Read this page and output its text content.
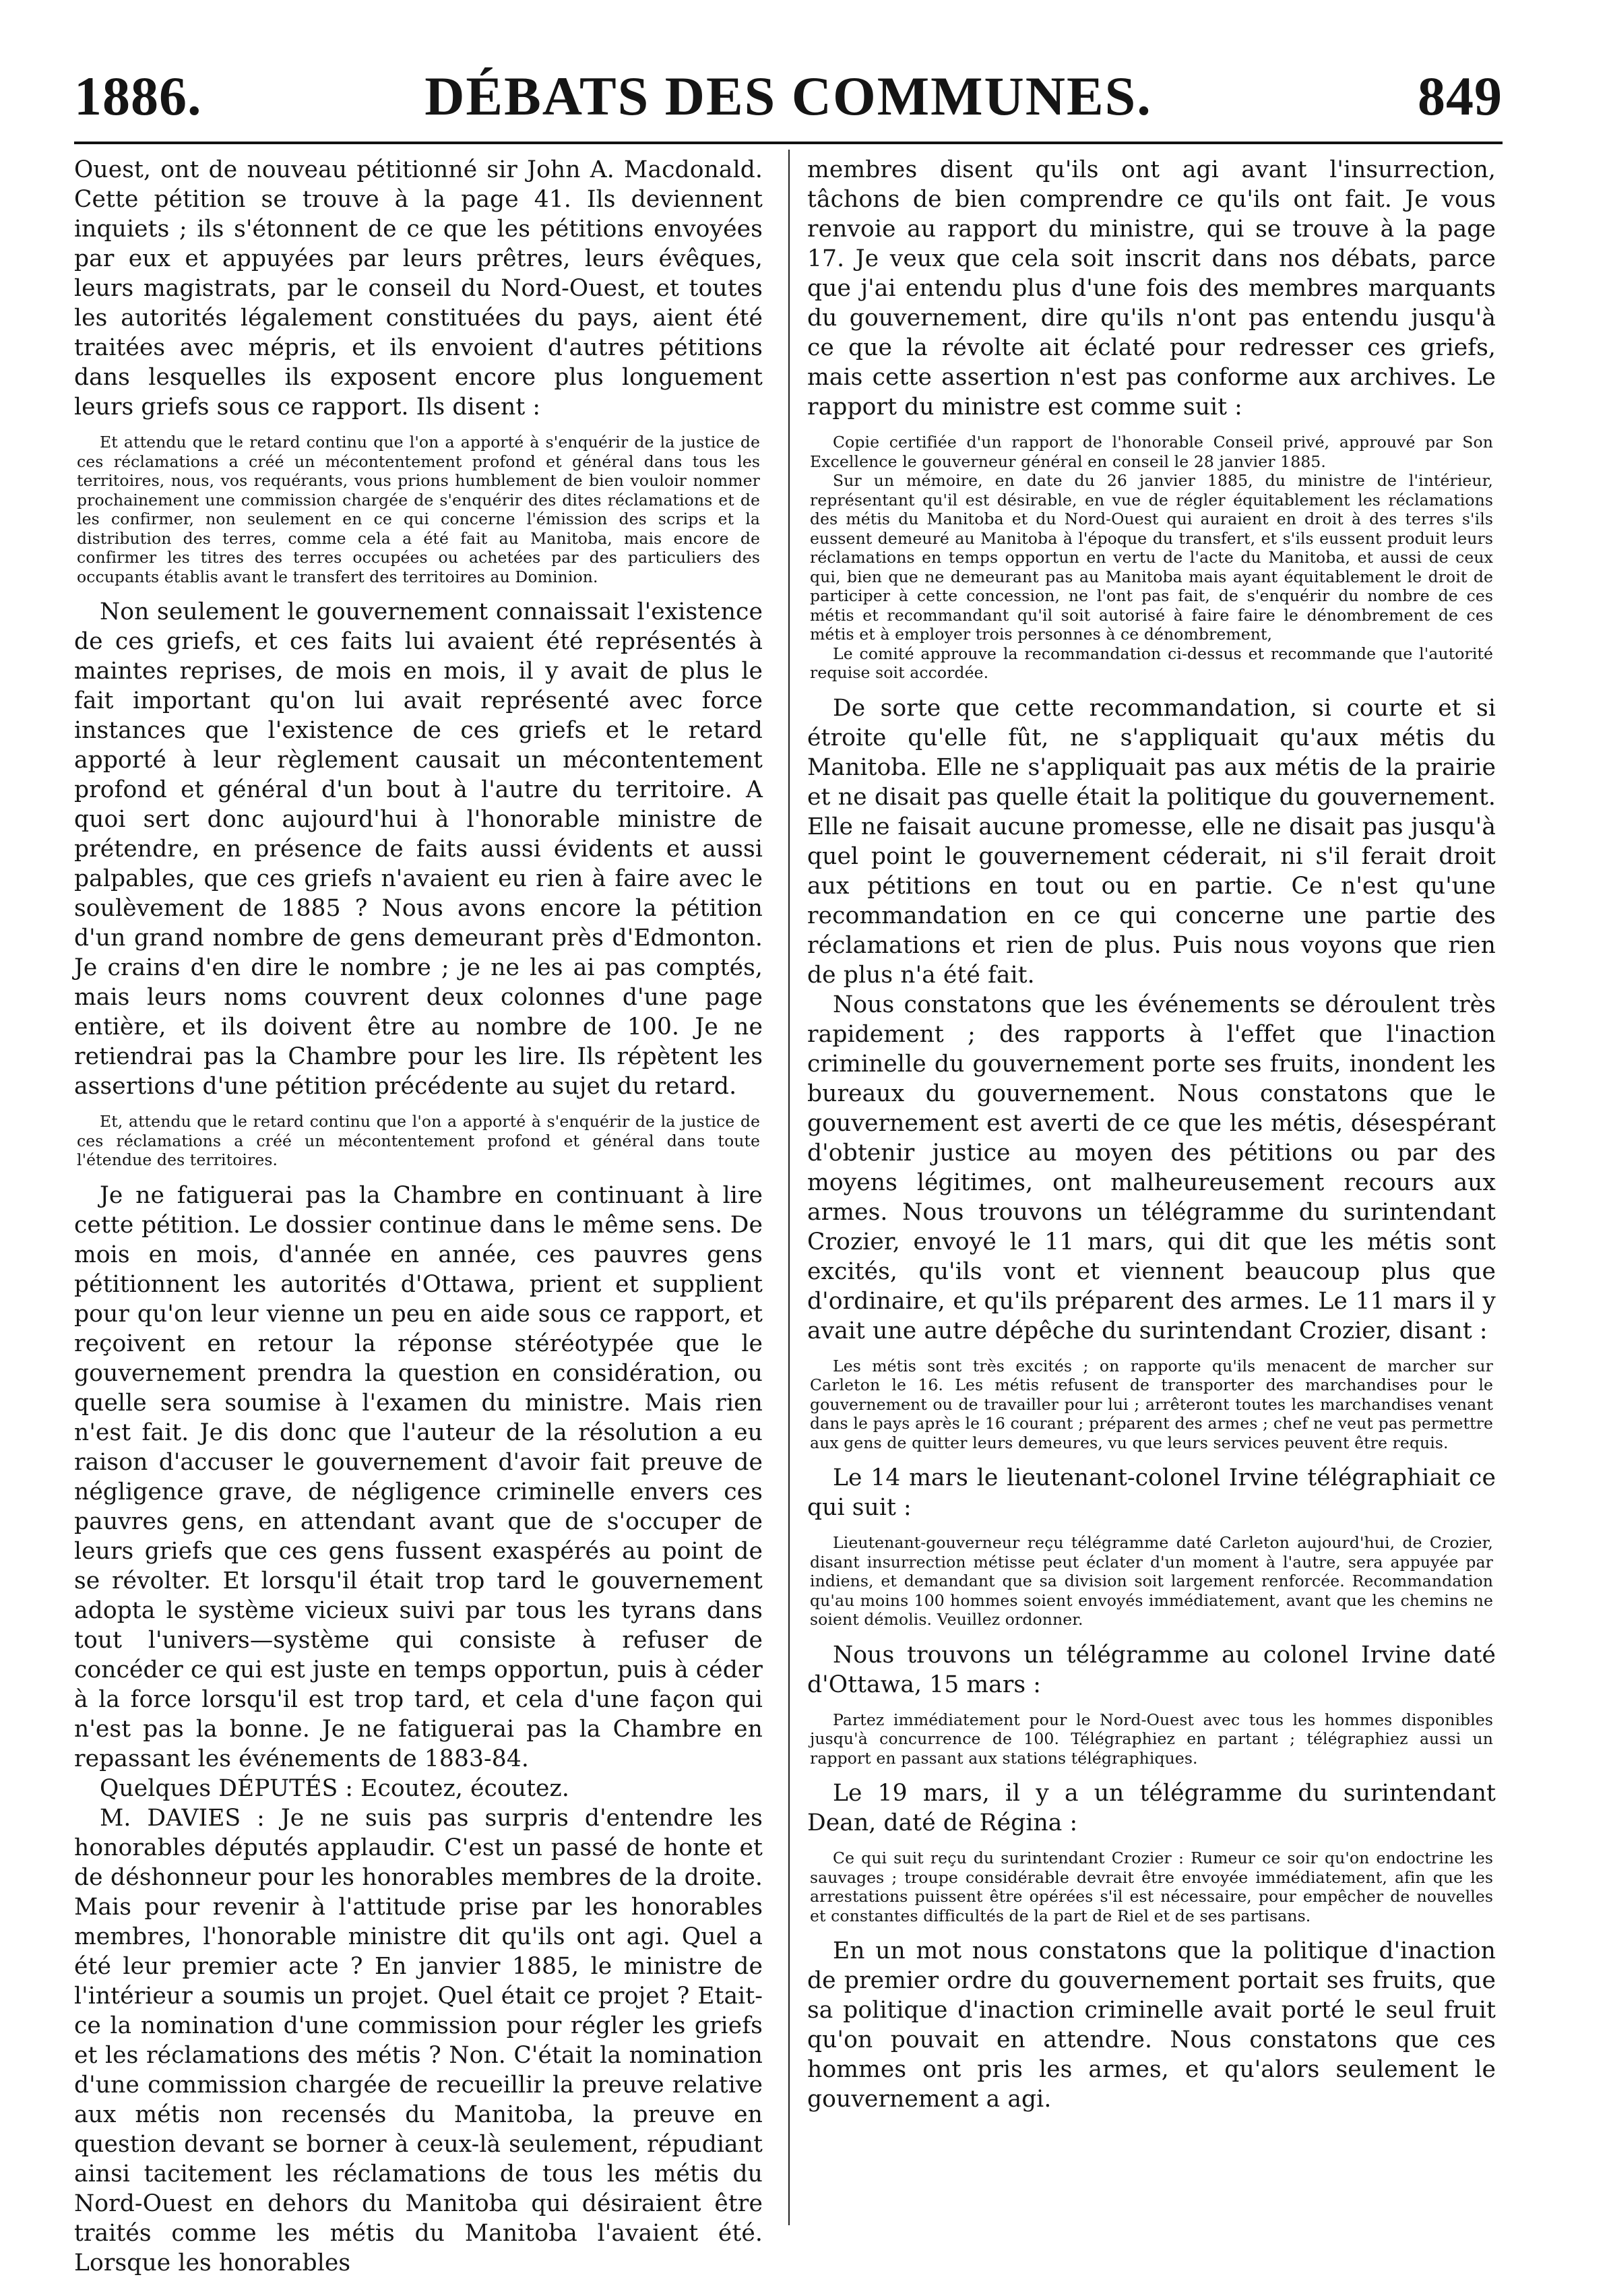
1886.	DÉBATS DES COMMUNES.	849

Ouest, ont de nouveau pétitionné sir John A. Macdonald. Cette pétition se trouve à la page 41. Ils deviennent inquiets ; ils s'étonnent de ce que les pétitions envoyées par eux et appuyées par leurs prêtres, leurs évêques, leurs magistrats, par le conseil du Nord-Ouest, et toutes les autorités légalement constituées du pays, aient été traitées avec mépris, et ils envoient d'autres pétitions dans lesquelles ils exposent encore plus longuement leurs griefs sous ce rapport. Ils disent :

Et attendu que le retard continu que l'on a apporté à s'enquérir de la justice de ces réclamations a créé un mécontentement profond et général dans tous les territoires, nous, vos requérants, vous prions humblement de bien vouloir nommer prochainement une commission chargée de s'enquérir des dites réclamations et de les confirmer, non seulement en ce qui concerne l'émission des scrips et la distribution des terres, comme cela a été fait au Manitoba, mais encore de confirmer les titres des terres occupées ou achetées par des particuliers des occupants établis avant le transfert des territoires au Dominion.

Non seulement le gouvernement connaissait l'existence de ces griefs, et ces faits lui avaient été représentés à maintes reprises, de mois en mois, il y avait de plus le fait important qu'on lui avait représenté avec force instances que l'existence de ces griefs et le retard apporté à leur règlement causait un mécontentement profond et général d'un bout à l'autre du territoire. A quoi sert donc aujourd'hui à l'honorable ministre de prétendre, en présence de faits aussi évidents et aussi palpables, que ces griefs n'avaient eu rien à faire avec le soulèvement de 1885 ? Nous avons encore la pétition d'un grand nombre de gens demeurant près d'Edmonton. Je crains d'en dire le nombre ; je ne les ai pas comptés, mais leurs noms couvrent deux colonnes d'une page entière, et ils doivent être au nombre de 100. Je ne retiendrai pas la Chambre pour les lire. Ils répètent les assertions d'une pétition précédente au sujet du retard.

Et, attendu que le retard continu que l'on a apporté à s'enquérir de la justice de ces réclamations a créé un mécontentement profond et général dans toute l'étendue des territoires.

Je ne fatiguerai pas la Chambre en continuant à lire cette pétition. Le dossier continue dans le même sens. De mois en mois, d'année en année, ces pauvres gens pétitionnent les autorités d'Ottawa, prient et supplient pour qu'on leur vienne un peu en aide sous ce rapport, et reçoivent en retour la réponse stéréotypée que le gouvernement prendra la question en considération, ou quelle sera soumise à l'examen du ministre. Mais rien n'est fait. Je dis donc que l'auteur de la résolution a eu raison d'accuser le gouvernement d'avoir fait preuve de négligence grave, de négligence criminelle envers ces pauvres gens, en attendant avant que de s'occuper de leurs griefs que ces gens fussent exaspérés au point de se révolter. Et lorsqu'il était trop tard le gouvernement adopta le système vicieux suivi par tous les tyrans dans tout l'univers—système qui consiste à refuser de concéder ce qui est juste en temps opportun, puis à céder à la force lorsqu'il est trop tard, et cela d'une façon qui n'est pas la bonne. Je ne fatiguerai pas la Chambre en repassant les événements de 1883-84.

Quelques DÉPUTÉS : Ecoutez, écoutez.

M. DAVIES : Je ne suis pas surpris d'entendre les honorables députés applaudir. C'est un passé de honte et de déshonneur pour les honorables membres de la droite. Mais pour revenir à l'attitude prise par les honorables membres, l'honorable ministre dit qu'ils ont agi. Quel a été leur premier acte ? En janvier 1885, le ministre de l'intérieur a soumis un projet. Quel était ce projet ? Etait-ce la nomination d'une commission pour régler les griefs et les réclamations des métis ? Non. C'était la nomination d'une commission chargée de recueillir la preuve relative aux métis non recensés du Manitoba, la preuve en question devant se borner à ceux-là seulement, répudiant ainsi tacitement les réclamations de tous les métis du Nord-Ouest en dehors du Manitoba qui désiraient être traités comme les métis du Manitoba l'avaient été. Lorsque les honorables

membres disent qu'ils ont agi avant l'insurrection, tâchons de bien comprendre ce qu'ils ont fait. Je vous renvoie au rapport du ministre, qui se trouve à la page 17. Je veux que cela soit inscrit dans nos débats, parce que j'ai entendu plus d'une fois des membres marquants du gouvernement, dire qu'ils n'ont pas entendu jusqu'à ce que la révolte ait éclaté pour redresser ces griefs, mais cette assertion n'est pas conforme aux archives. Le rapport du ministre est comme suit :

Copie certifiée d'un rapport de l'honorable Conseil privé, approuvé par Son Excellence le gouverneur général en conseil le 28 janvier 1885.

Sur un mémoire, en date du 26 janvier 1885, du ministre de l'intérieur, représentant qu'il est désirable, en vue de régler équitablement les réclamations des métis du Manitoba et du Nord-Ouest qui auraient en droit à des terres s'ils eussent demeuré au Manitoba à l'époque du transfert, et s'ils eussent produit leurs réclamations en temps opportun en vertu de l'acte du Manitoba, et aussi de ceux qui, bien que ne demeurant pas au Manitoba mais ayant équitablement le droit de participer à cette concession, ne l'ont pas fait, de s'enquérir du nombre de ces métis et recommandant qu'il soit autorisé à faire faire le dénombrement de ces métis et à employer trois personnes à ce dénombrement,

Le comité approuve la recommandation ci-dessus et recommande que l'autorité requise soit accordée.

De sorte que cette recommandation, si courte et si étroite qu'elle fût, ne s'appliquait qu'aux métis du Manitoba. Elle ne s'appliquait pas aux métis de la prairie et ne disait pas quelle était la politique du gouvernement. Elle ne faisait aucune promesse, elle ne disait pas jusqu'à quel point le gouvernement céderait, ni s'il ferait droit aux pétitions en tout ou en partie. Ce n'est qu'une recommandation en ce qui concerne une partie des réclamations et rien de plus. Puis nous voyons que rien de plus n'a été fait.

Nous constatons que les événements se déroulent très rapidement ; des rapports à l'effet que l'inaction criminelle du gouvernement porte ses fruits, inondent les bureaux du gouvernement. Nous constatons que le gouvernement est averti de ce que les métis, désespérant d'obtenir justice au moyen des pétitions ou par des moyens légitimes, ont malheureusement recours aux armes. Nous trouvons un télégramme du surintendant Crozier, envoyé le 11 mars, qui dit que les métis sont excités, qu'ils vont et viennent beaucoup plus que d'ordinaire, et qu'ils préparent des armes. Le 11 mars il y avait une autre dépêche du surintendant Crozier, disant :

Les métis sont très excités ; on rapporte qu'ils menacent de marcher sur Carleton le 16. Les métis refusent de transporter des marchandises pour le gouvernement ou de travailler pour lui ; arrêteront toutes les marchandises venant dans le pays après le 16 courant ; préparent des armes ; chef ne veut pas permettre aux gens de quitter leurs demeures, vu que leurs services peuvent être requis.

Le 14 mars le lieutenant-colonel Irvine télégraphiait ce qui suit :

Lieutenant-gouverneur reçu télégramme daté Carleton aujourd'hui, de Crozier, disant insurrection métisse peut éclater d'un moment à l'autre, sera appuyée par indiens, et demandant que sa division soit largement renforcée. Recommandation qu'au moins 100 hommes soient envoyés immédiatement, avant que les chemins ne soient démolis. Veuillez ordonner.

Nous trouvons un télégramme au colonel Irvine daté d'Ottawa, 15 mars :

Partez immédiatement pour le Nord-Ouest avec tous les hommes disponibles jusqu'à concurrence de 100. Télégraphiez en partant ; télégraphiez aussi un rapport en passant aux stations télégraphiques.

Le 19 mars, il y a un télégramme du surintendant Dean, daté de Régina :

Ce qui suit reçu du surintendant Crozier : Rumeur ce soir qu'on endoctrine les sauvages ; troupe considérable devrait être envoyée immédiatement, afin que les arrestations puissent être opérées s'il est nécessaire, pour empêcher de nouvelles et constantes difficultés de la part de Riel et de ses partisans.

En un mot nous constatons que la politique d'inaction de premier ordre du gouvernement portait ses fruits, que sa politique d'inaction criminelle avait porté le seul fruit qu'on pouvait en attendre. Nous constatons que ces hommes ont pris les armes, et qu'alors seulement le gouvernement a agi.
